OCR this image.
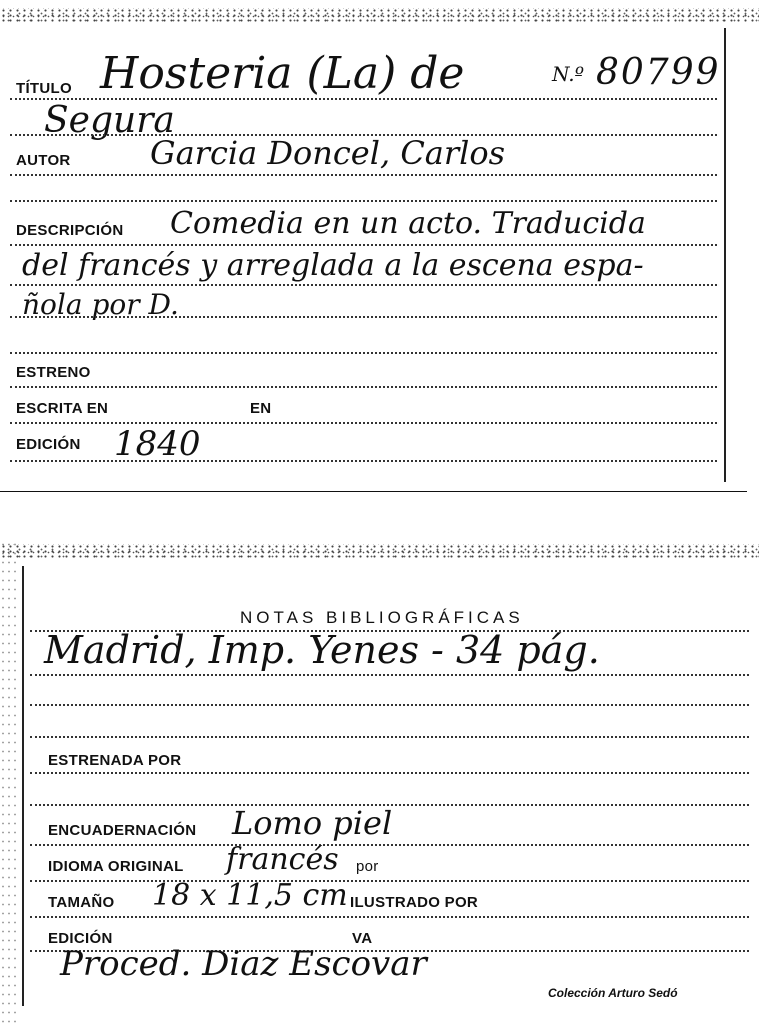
TÍTULO Hosteria (La) de	N.º 80799
Segura
AUTOR Garcia Doncel, Carlos
DESCRIPCIÓN Comedia en un acto. Traducida
del francés y arreglada a la escena espa-
ñola por D.
ESTRENO
ESCRITA EN	EN
EDICIÓN 1840
NOTAS BIBLIOGRÁFICAS
Madrid, Imp. Yenes - 34 pág.
ESTRENADA POR
ENCUADERNACIÓN Lomo piel
IDIOMA ORIGINAL francés por
TAMAÑO 18 x 11,5 cm ILUSTRADO POR
EDICIÓN	VA
Proced. Diaz Escovar
Colección Arturo Sedó
